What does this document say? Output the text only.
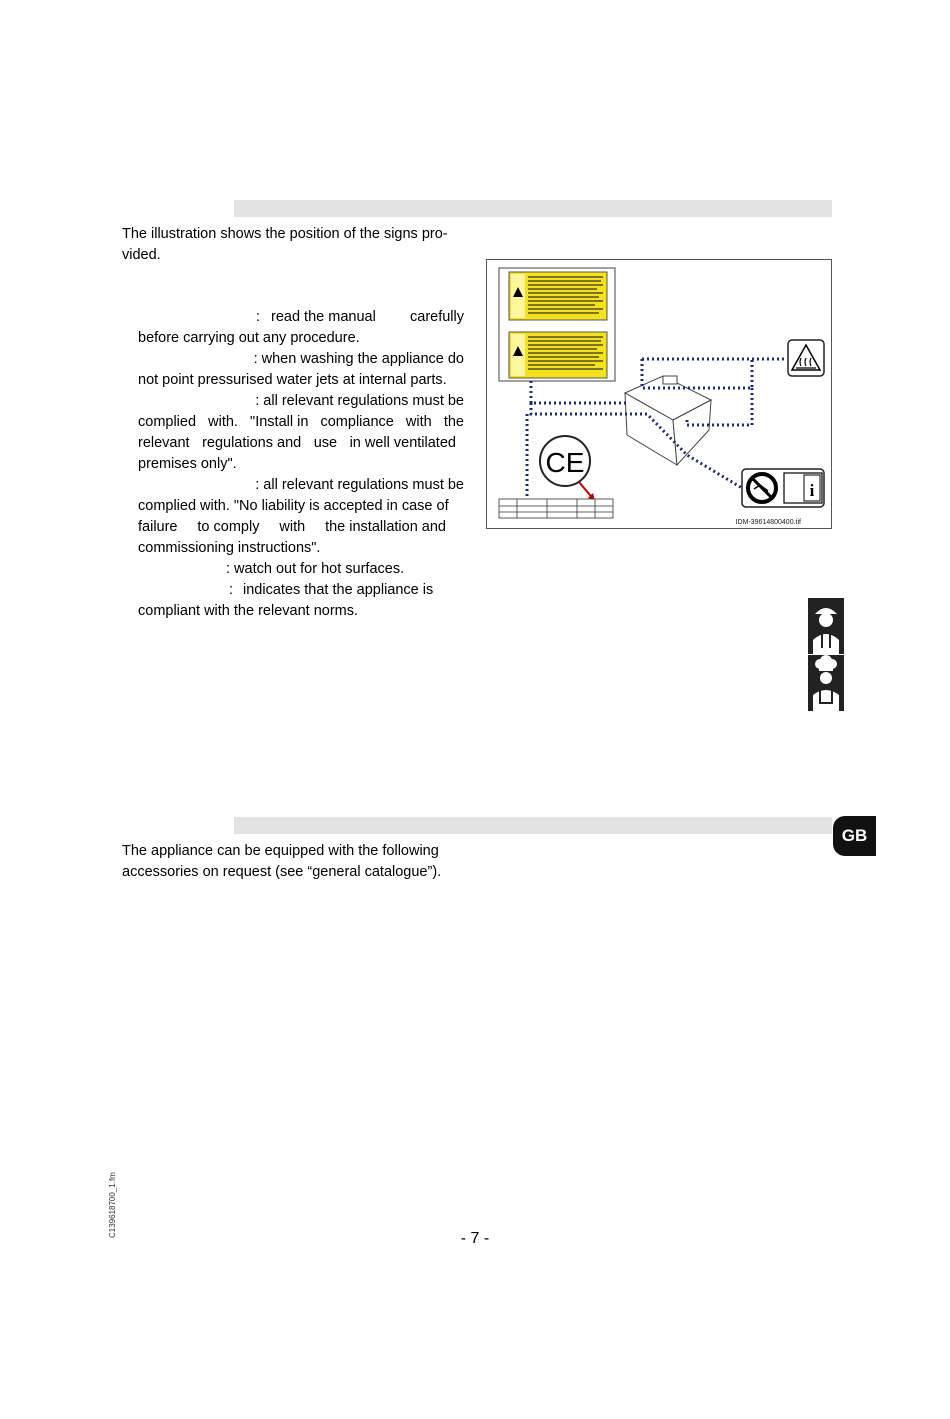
The illustration shows the position of the signs pro-
vided.
: read the manual carefully
before carrying out any procedure.
: when washing the appliance do
not point pressurised water jets at internal parts.
: all relevant regulations must be
complied with. "Install in compliance with the
relevant regulations and use in well ventilated
premises only".
: all relevant regulations must be
complied with. "No liability is accepted in case of
failure to comply with the installation and
commissioning instructions".
: watch out for hot surfaces.
: indicates that the appliance is
compliant with the relevant norms.
i
CE
IDM-39614800400.tif
GB
The appliance can be equipped with the following
accessories on request (see “general catalogue”).
C139618700_1.fm
- 7 -
